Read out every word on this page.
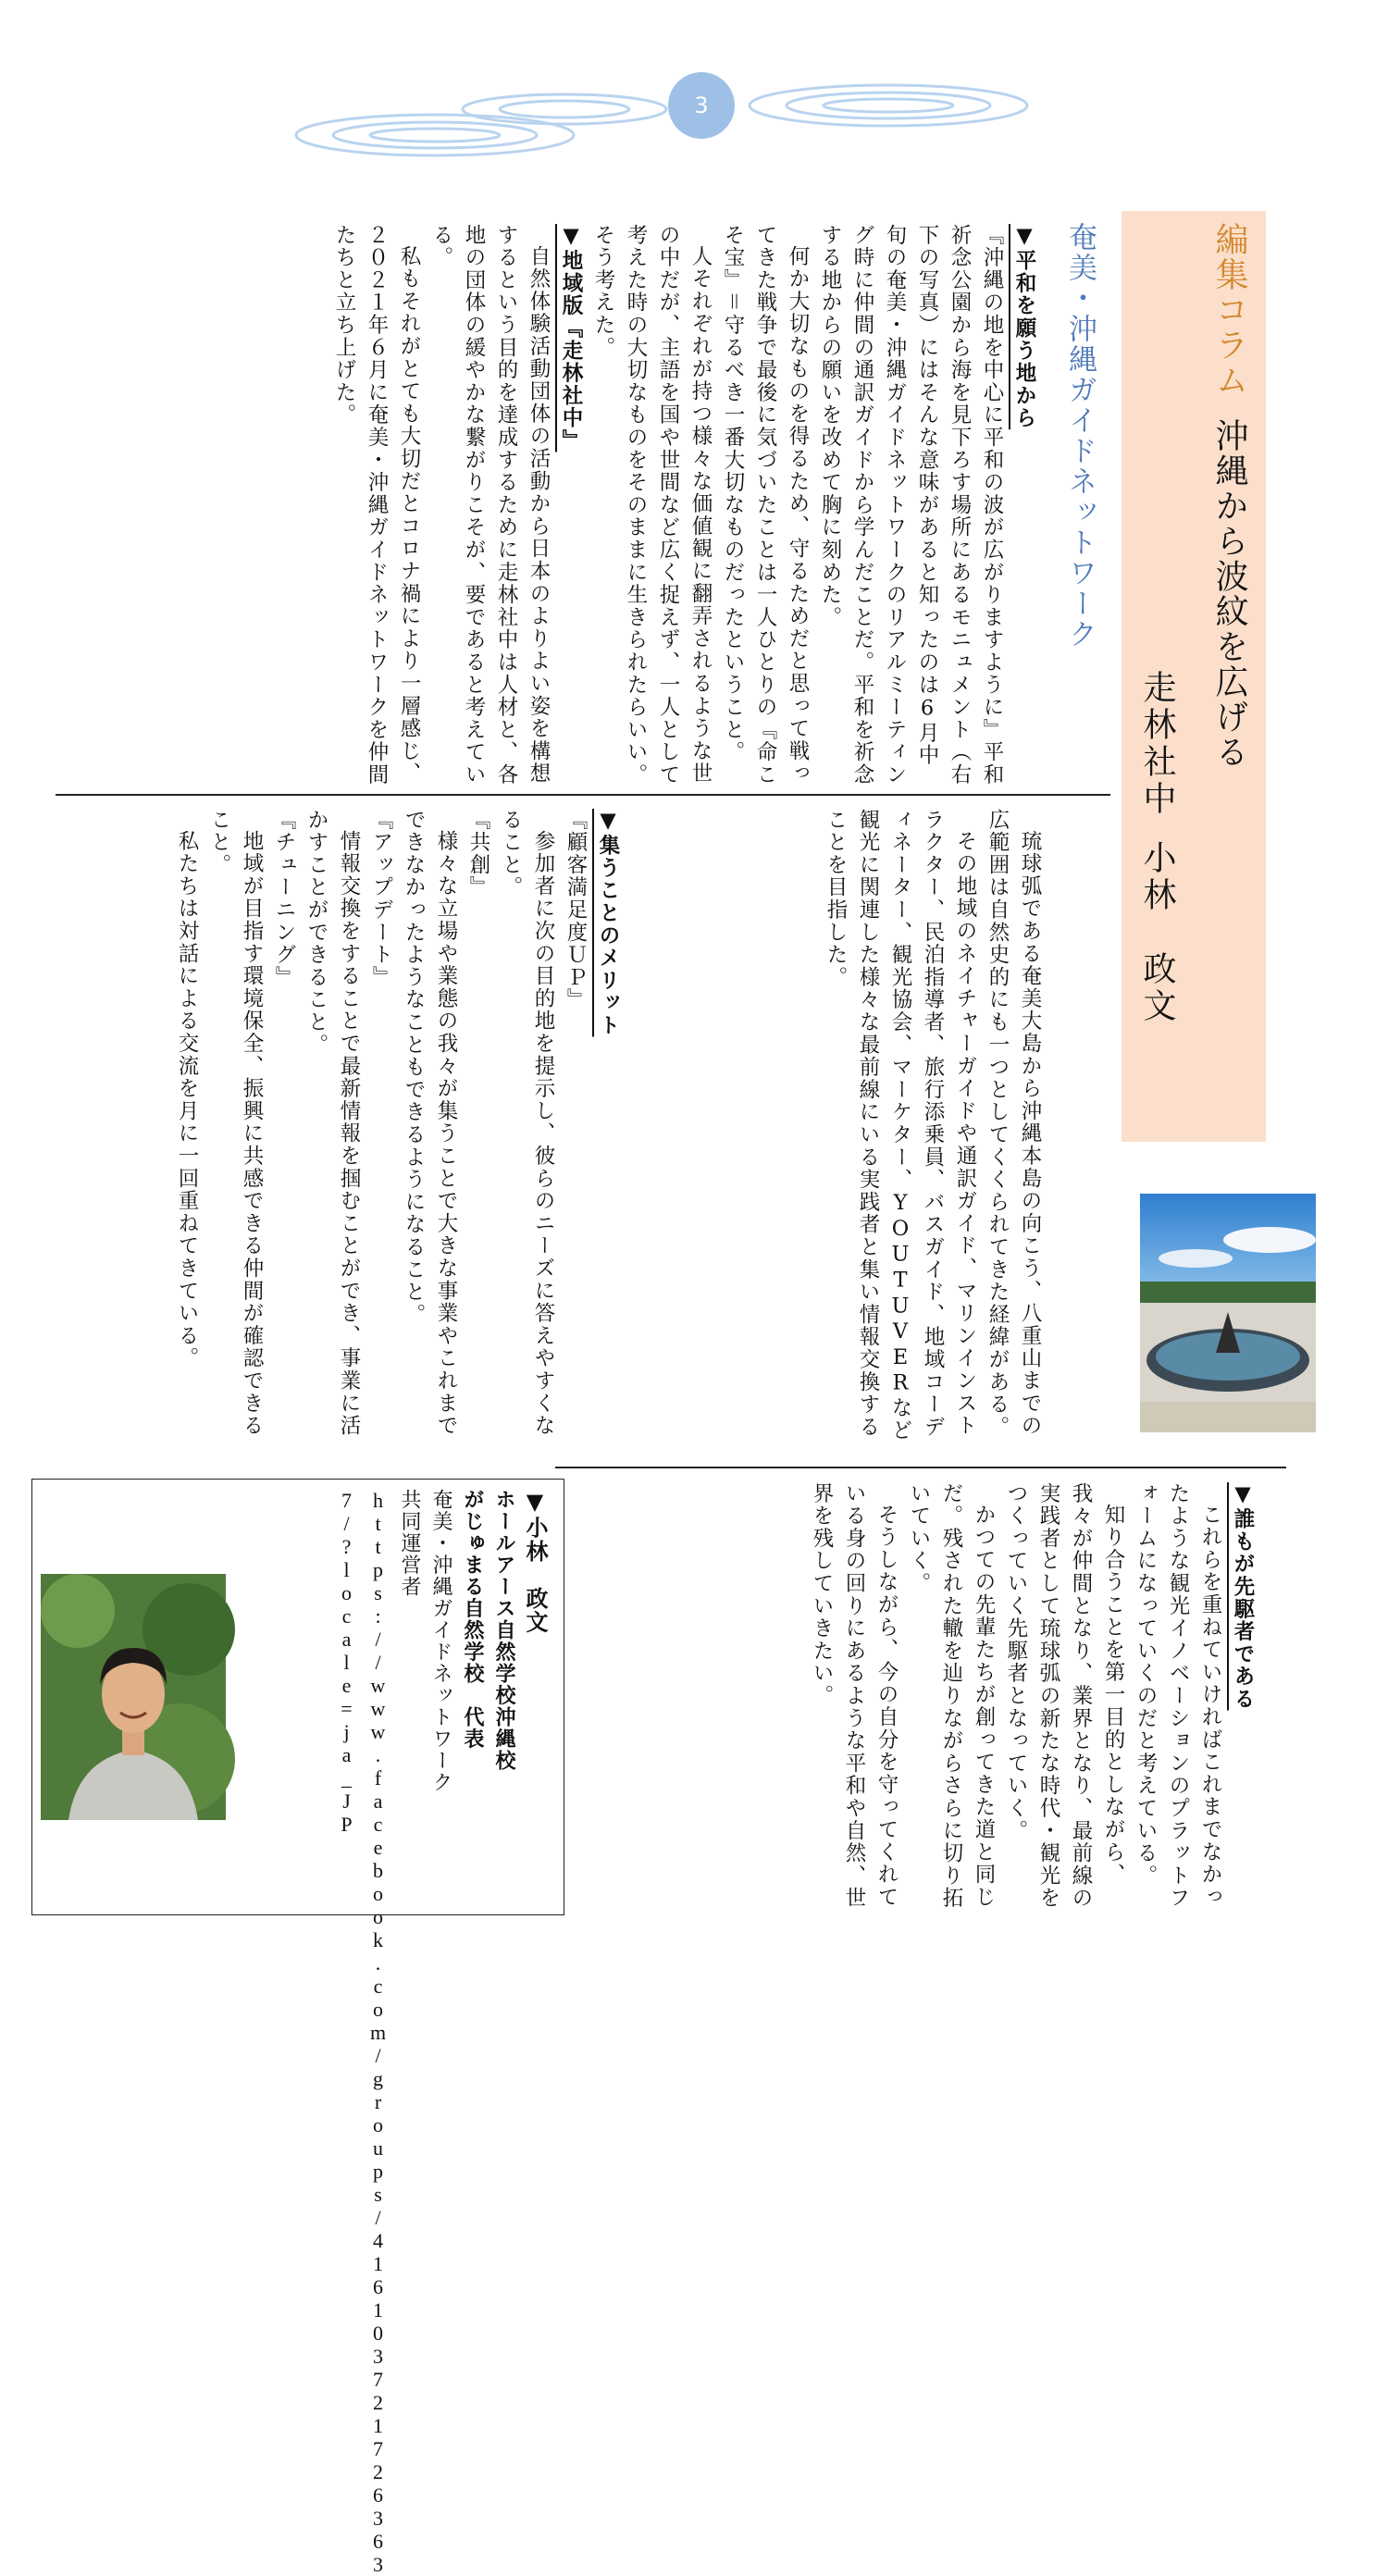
3
編集コラム
沖縄から波紋を広げる
走林社中
小林　政文
奄美・沖縄ガイドネットワーク
▼平和を願う地から

『沖縄の地を中心に平和の波が広がりますように』平和祈念公園から海を見下ろす場所にあるモニュメント（右下の写真）にはそんな意味があると知ったのは6月中旬の奄美・沖縄ガイドネットワークのリアルミーティング時に仲間の通訳ガイドから学んだことだ。平和を祈念する地からの願いを改めて胸に刻めた。

何か大切なものを得るため、守るためだと思って戦ってきた戦争で最後に気づいたことは一人ひとりの『命こそ宝』＝守るべき一番大切なものだったということ。

人それぞれが持つ様々な価値観に翻弄されるような世の中だが、主語を国や世間など広く捉えず、一人として考えた時の大切なものをそのままに生きられたらいい。そう考えた。

▼地域版『走林社中』

自然体験活動団体の活動から日本のよりよい姿を構想するという目的を達成するために走林社中は人材と、各地の団体の緩やかな繋がりこそが、要であると考えている。

私もそれがとても大切だとコロナ禍により一層感じ、２０２１年６月に奄美・沖縄ガイドネットワークを仲間たちと立ち上げた。

琉球弧である奄美大島から沖縄本島の向こう、八重山までの広範囲は自然史的にも一つとしてくくられてきた経緯がある。

その地域のネイチャーガイドや通訳ガイド、マリンインストラクター、民泊指導者、旅行添乗員、バスガイド、地域コーディネーター、観光協会、マーケター、YOUTUVERなど観光に関連した様々な最前線にいる実践者と集い情報交換することを目指した。

▼集うことのメリット

『顧客満足度ＵＰ』

参加者に次の目的地を提示し、彼らのニーズに答えやすくなること。

『共創』

様々な立場や業態の我々が集うことで大きな事業やこれまでできなかったようなこともできるようになること。

『アップデート』

情報交換をすることで最新情報を掴むことができ、事業に活かすことができること。

『チューニング』

地域が目指す環境保全、振興に共感できる仲間が確認できること。

私たちは対話による交流を月に一回重ねてきている。

▼誰もが先駆者である

これらを重ねていければこれまでなかったような観光イノベーションのプラットフォームになっていくのだと考えている。

知り合うことを第一目的としながら、我々が仲間となり、業界となり、最前線の実践者として琉球弧の新たな時代・観光をつくっていく先駆者となっていく。

かつての先輩たちが創ってきた道と同じだ。残された轍を辿りながらさらに切り拓いていく。

そうしながら、今の自分を守ってくれている身の回りにあるような平和や自然、世界を残していきたい。

▼小林　政文
ホールアース自然学校沖縄校
がじゅまる自然学校　代表
奄美・沖縄ガイドネットワーク
共同運営者
https://www.facebook.com/groups/416103721726363 7/?locale=ja_JP
